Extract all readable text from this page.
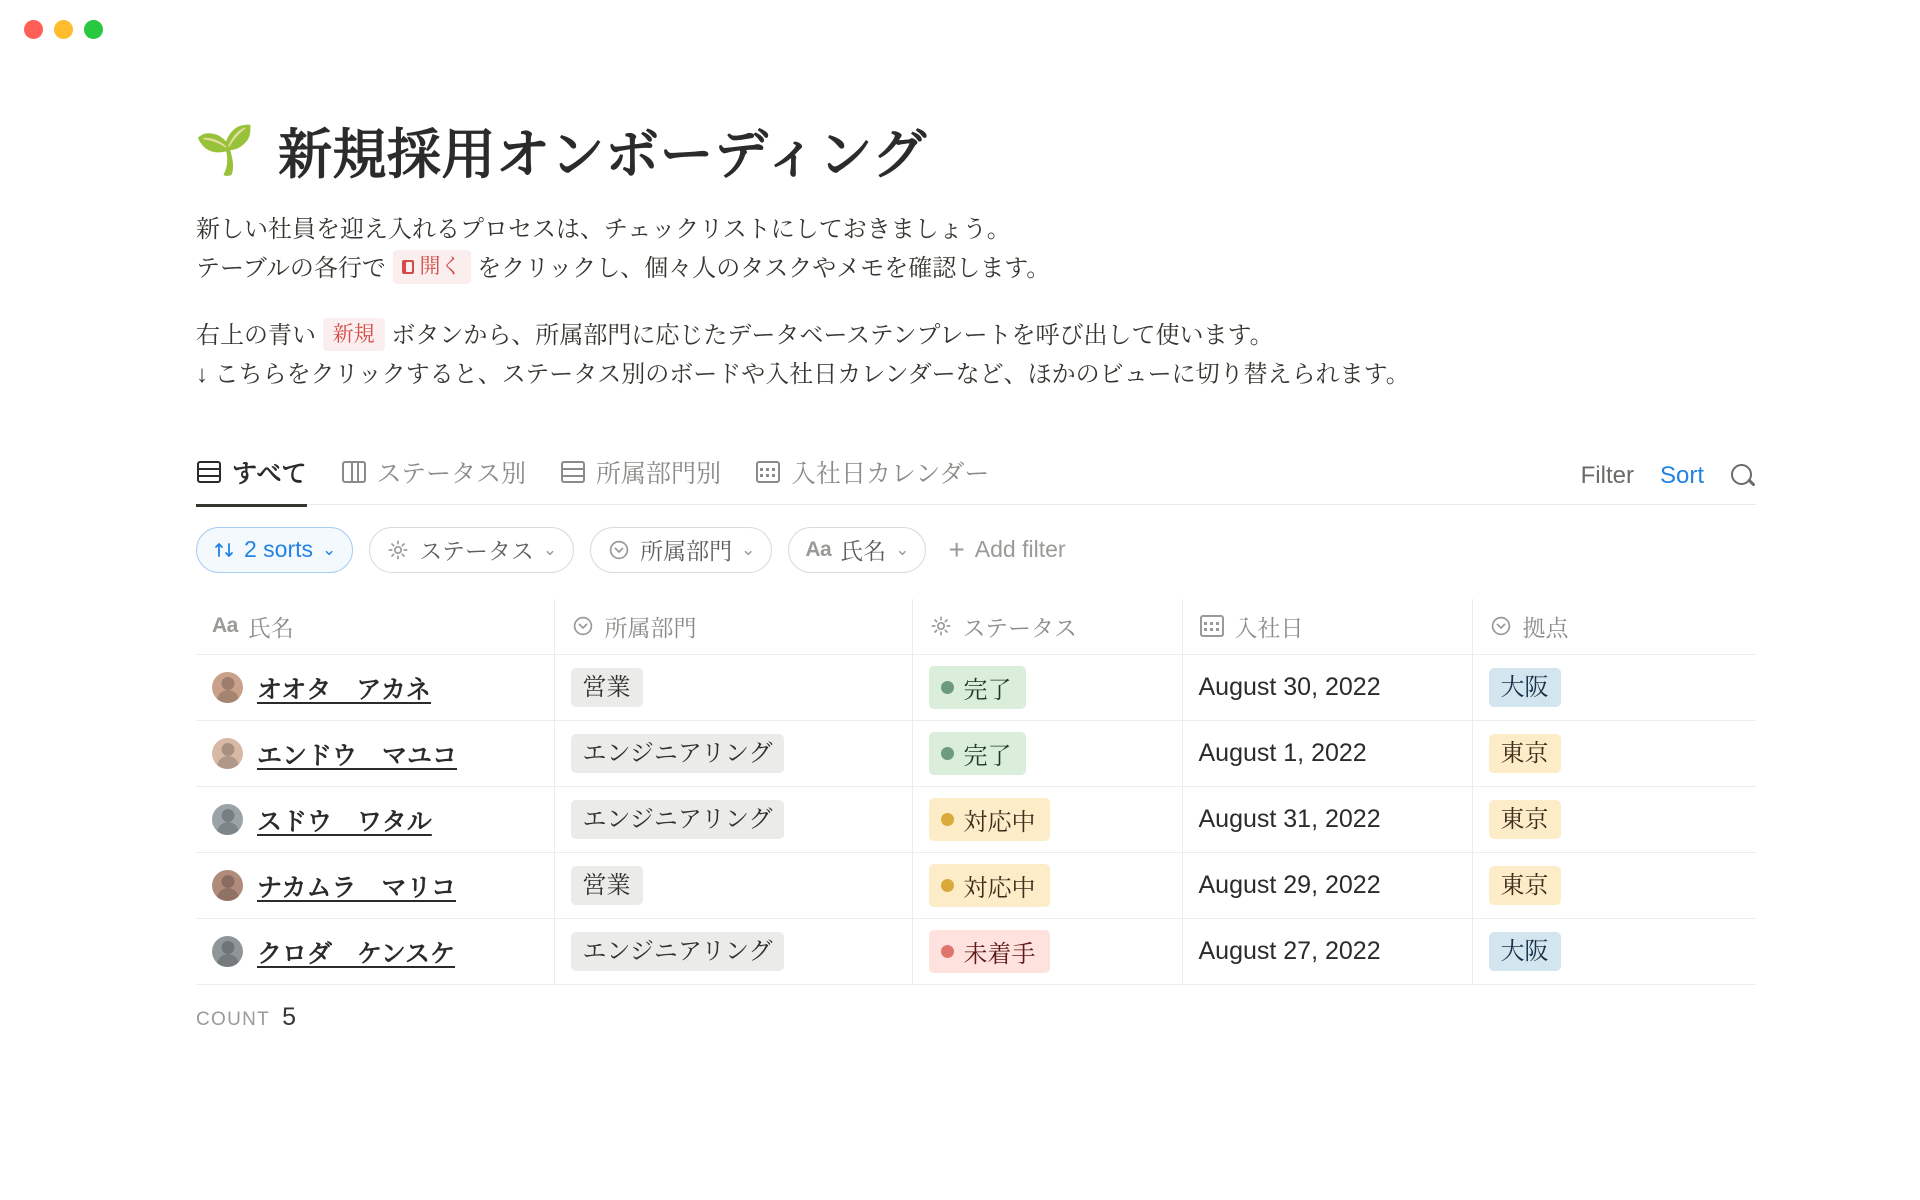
🌱 新規採用オンボーディング

新しい社員を迎え入れるプロセスは、チェックリストにしておきましょう。

テーブルの各行で 開く をクリックし、個々人のタスクやメモを確認します。

右上の青い 新規 ボタンから、所属部門に応じたデータベーステンプレートを呼び出して使います。

↓ こちらをクリックすると、ステータス別のボードや入社日カレンダーなど、ほかのビューに切り替えられます。

すべて	ステータス別	所属部門別	入社日カレンダー	Filter Sort
2 sorts ⌄	ステータス ⌄	所属部門 ⌄ Aa 氏名 ⌄ + Add filter
Aa 氏名	所属部門	ステータス	入社日	拠点

オオタ　アカネ	営業	完了	August 30, 2022	大阪

エンドウ　マユコ	エンジニアリング	完了	August 1, 2022	東京

スドウ　ワタル	エンジニアリング	対応中	August 31, 2022	東京

ナカムラ　マリコ	営業	対応中	August 29, 2022	東京

クロダ　ケンスケ	エンジニアリング	未着手	August 27, 2022	大阪
COUNT 5
